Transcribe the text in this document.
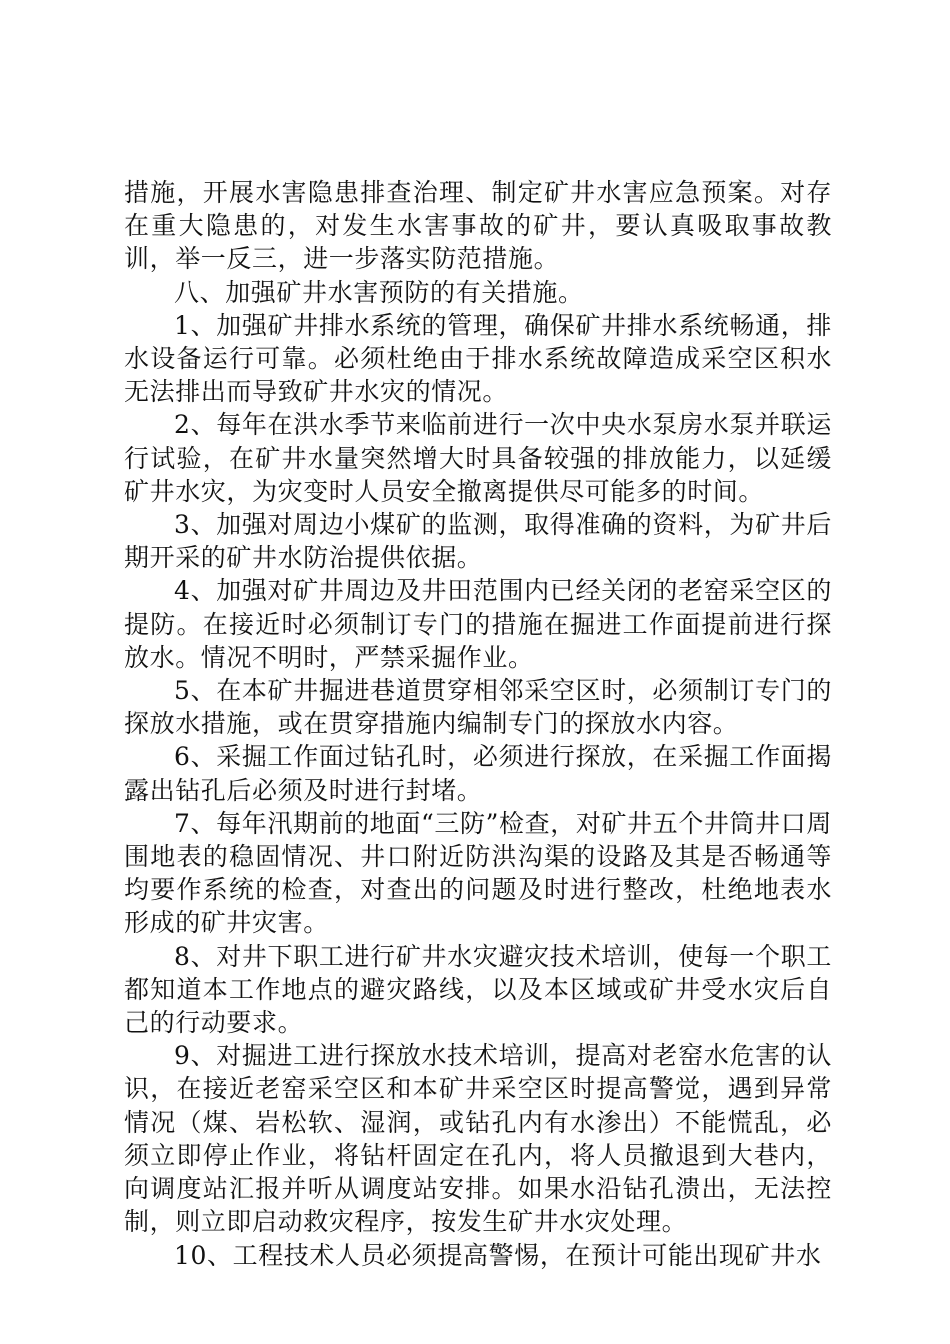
措施，开展水害隐患排查治理、制定矿井水害应急预案。对存在重大隐患的，对发生水害事故的矿井，要认真吸取事故教训，举一反三，进一步落实防范措施。

八、加强矿井水害预防的有关措施。

1、加强矿井排水系统的管理，确保矿井排水系统畅通，排水设备运行可靠。必须杜绝由于排水系统故障造成采空区积水无法排出而导致矿井水灾的情况。

2、每年在洪水季节来临前进行一次中央水泵房水泵并联运行试验，在矿井水量突然增大时具备较强的排放能力，以延缓矿井水灾，为灾变时人员安全撤离提供尽可能多的时间。

3、加强对周边小煤矿的监测，取得准确的资料，为矿井后期开采的矿井水防治提供依据。

4、加强对矿井周边及井田范围内已经关闭的老窑采空区的提防。在接近时必须制订专门的措施在掘进工作面提前进行探放水。情况不明时，严禁采掘作业。

5、在本矿井掘进巷道贯穿相邻采空区时，必须制订专门的探放水措施，或在贯穿措施内编制专门的探放水内容。

6、采掘工作面过钻孔时，必须进行探放，在采掘工作面揭露出钻孔后必须及时进行封堵。

7、每年汛期前的地面“三防”检查，对矿井五个井筒井口周围地表的稳固情况、井口附近防洪沟渠的设路及其是否畅通等均要作系统的检查，对查出的问题及时进行整改，杜绝地表水形成的矿井灾害。

8、对井下职工进行矿井水灾避灾技术培训，使每一个职工都知道本工作地点的避灾路线，以及本区域或矿井受水灾后自己的行动要求。

9、对掘进工进行探放水技术培训，提高对老窑水危害的认识，在接近老窑采空区和本矿井采空区时提高警觉，遇到异常情况（煤、岩松软、湿润，或钻孔内有水渗出）不能慌乱，必须立即停止作业，将钻杆固定在孔内，将人员撤退到大巷内，向调度站汇报并听从调度站安排。如果水沿钻孔溃出，无法控制，则立即启动救灾程序，按发生矿井水灾处理。

10、工程技术人员必须提高警惕，在预计可能出现矿井水
